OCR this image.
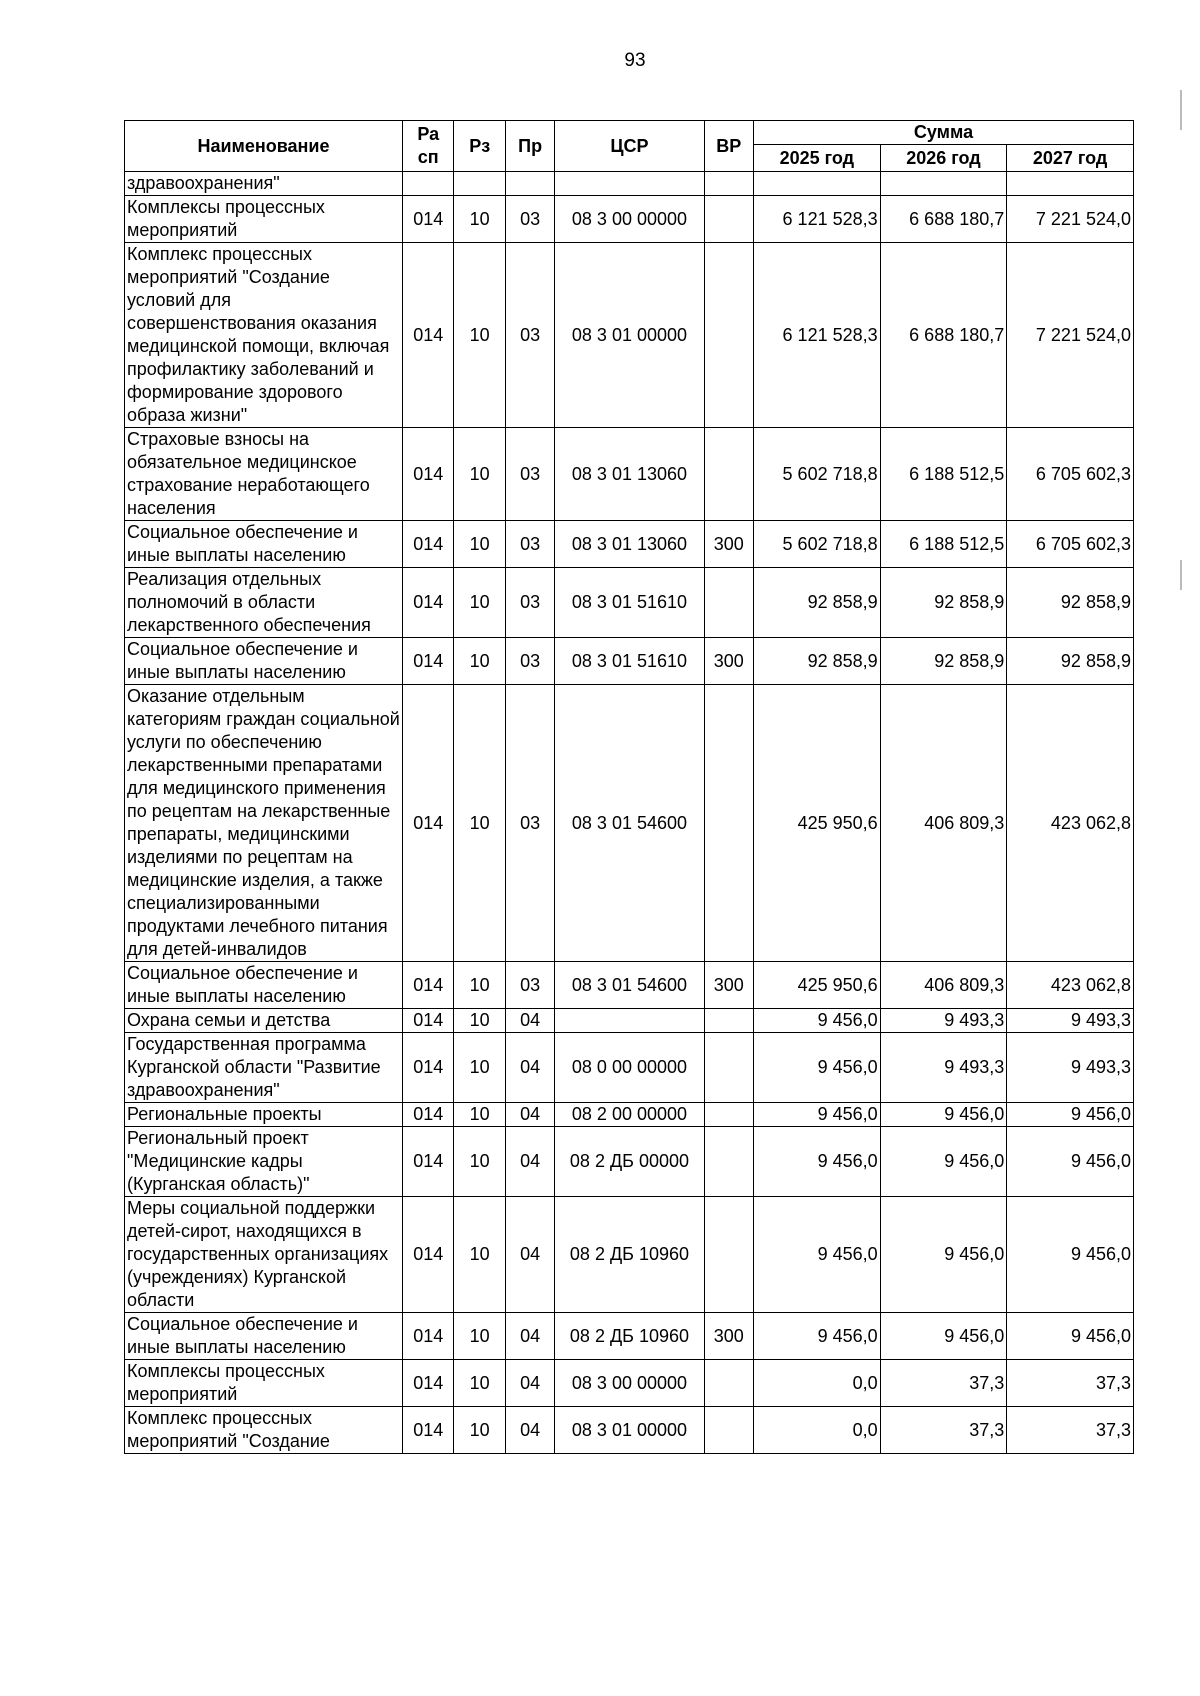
93
Наименование	Ра сп	Рз	Пр	ЦСР	ВР	Сумма		
						2025 год	2026 год	2027 год
здравоохранения"								
Комплексы процессных мероприятий	014	10	03	08 3 00 00000		6 121 528,3	6 688 180,7	7 221 524,0
Комплекс процессных мероприятий "Создание условий для совершенствования оказания медицинской помощи, включая профилактику заболеваний и формирование здорового образа жизни"	014	10	03	08 3 01 00000		6 121 528,3	6 688 180,7	7 221 524,0
Страховые взносы на обязательное медицинское страхование неработающего населения	014	10	03	08 3 01 13060		5 602 718,8	6 188 512,5	6 705 602,3
Социальное обеспечение и иные выплаты населению	014	10	03	08 3 01 13060	300	5 602 718,8	6 188 512,5	6 705 602,3
Реализация отдельных полномочий в области лекарственного обеспечения	014	10	03	08 3 01 51610		92 858,9	92 858,9	92 858,9
Социальное обеспечение и иные выплаты населению	014	10	03	08 3 01 51610	300	92 858,9	92 858,9	92 858,9
Оказание отдельным категориям граждан социальной услуги по обеспечению лекарственными препаратами для медицинского применения по рецептам на лекарственные препараты, медицинскими изделиями по рецептам на медицинские изделия, а также специализированными продуктами лечебного питания для детей-инвалидов	014	10	03	08 3 01 54600		425 950,6	406 809,3	423 062,8
Социальное обеспечение и иные выплаты населению	014	10	03	08 3 01 54600	300	425 950,6	406 809,3	423 062,8
Охрана семьи и детства	014	10	04			9 456,0	9 493,3	9 493,3
Государственная программа Курганской области "Развитие здравоохранения"	014	10	04	08 0 00 00000		9 456,0	9 493,3	9 493,3
Региональные проекты	014	10	04	08 2 00 00000		9 456,0	9 456,0	9 456,0
Региональный проект "Медицинские кадры (Курганская область)"	014	10	04	08 2 ДБ 00000		9 456,0	9 456,0	9 456,0
Меры социальной поддержки детей-сирот, находящихся в государственных организациях (учреждениях) Курганской области	014	10	04	08 2 ДБ 10960		9 456,0	9 456,0	9 456,0
Социальное обеспечение и иные выплаты населению	014	10	04	08 2 ДБ 10960	300	9 456,0	9 456,0	9 456,0
Комплексы процессных мероприятий	014	10	04	08 3 00 00000		0,0	37,3	37,3
Комплекс процессных мероприятий "Создание	014	10	04	08 3 01 00000		0,0	37,3	37,3
